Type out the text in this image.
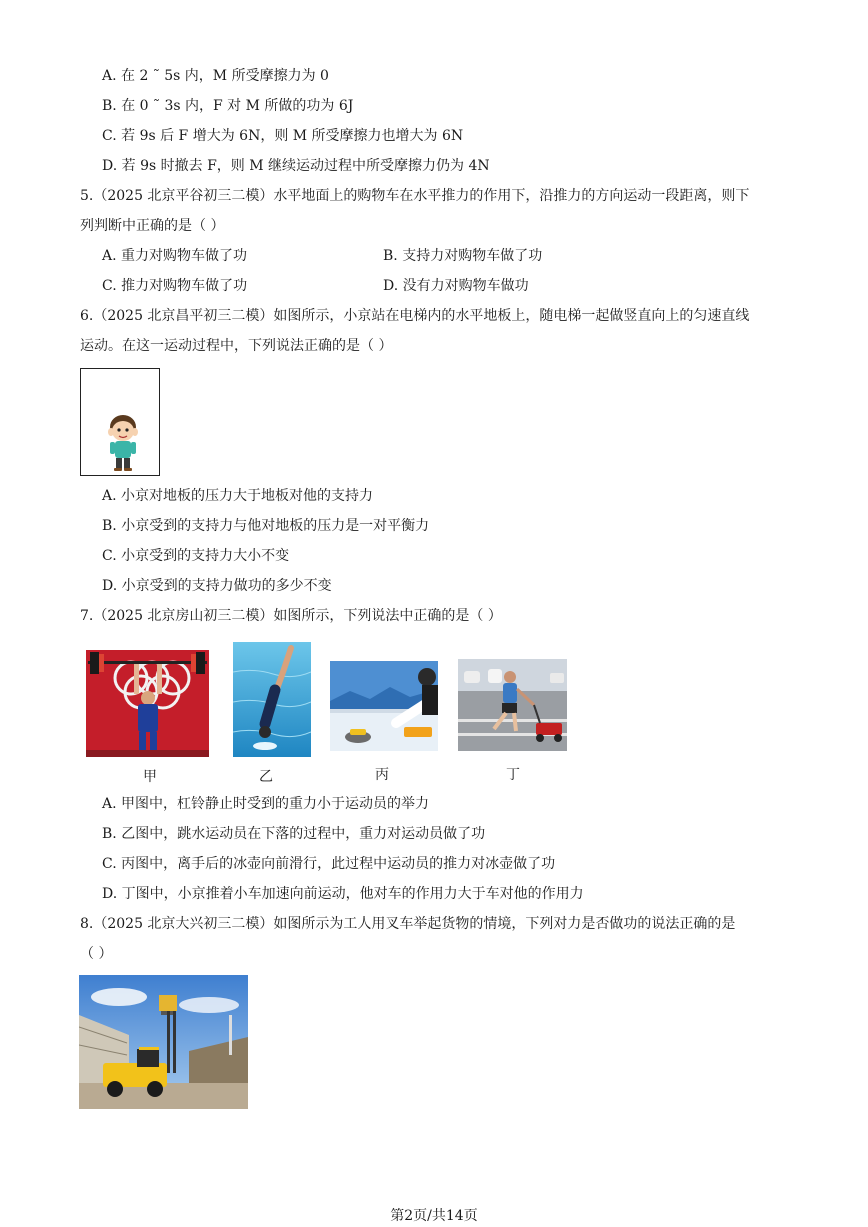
A. 在 2 ˜ 5s 内，M 所受摩擦力为 0
B. 在 0 ˜ 3s 内，F 对 M 所做的功为 6J
C. 若 9s 后 F 增大为 6N，则 M 所受摩擦力也增大为 6N
D. 若 9s 时撤去 F，则 M 继续运动过程中所受摩擦力仍为 4N
5.（2025 北京平谷初三二模）水平地面上的购物车在水平推力的作用下，沿推力的方向运动一段距离，则下
列判断中正确的是（ ）
A. 重力对购物车做了功	B. 支持力对购物车做了功
C. 推力对购物车做了功	D. 没有力对购物车做功
6.（2025 北京昌平初三二模）如图所示，小京站在电梯内的水平地板上，随电梯一起做竖直向上的匀速直线
运动。在这一运动过程中，下列说法正确的是（ ）
A. 小京对地板的压力大于地板对他的支持力
B. 小京受到的支持力与他对地板的压力是一对平衡力
C. 小京受到的支持力大小不变
D. 小京受到的支持力做功的多少不变
7.（2025 北京房山初三二模）如图所示，下列说法中正确的是（ ）
甲	乙	丙	丁
A. 甲图中，杠铃静止时受到的重力小于运动员的举力
B. 乙图中，跳水运动员在下落的过程中，重力对运动员做了功
C. 丙图中，离手后的冰壶向前滑行，此过程中运动员的推力对冰壶做了功
D. 丁图中，小京推着小车加速向前运动，他对车的作用力大于车对他的作用力
8.（2025 北京大兴初三二模）如图所示为工人用叉车举起货物的情境，下列对力是否做功的说法正确的是
（ ）
第2页/共14页
